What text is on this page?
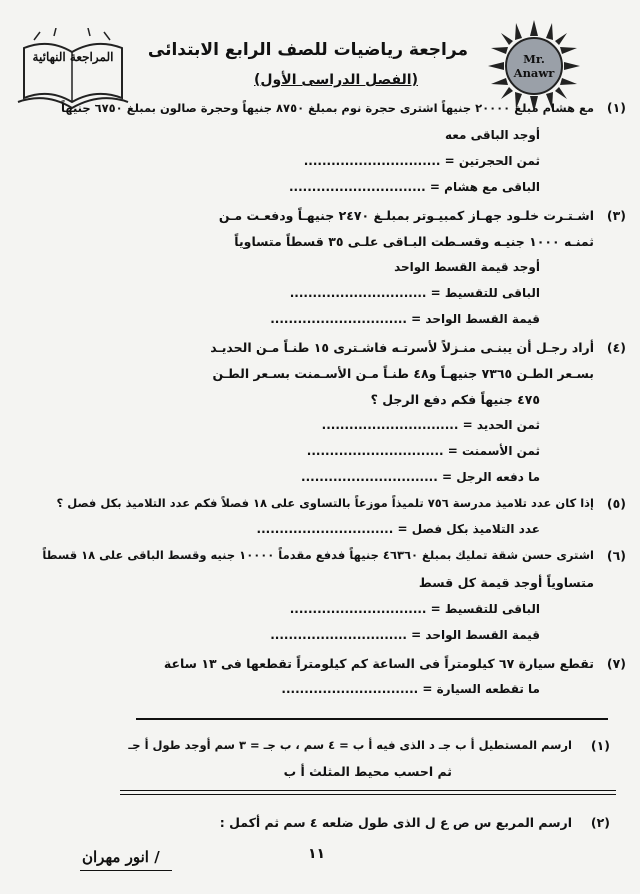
المراجعة النهائية	Mr.
Anawr
مراجعة رياضيات للصف الرابع الابتدائى
(الفصل الدراسى الأول)
(١)
مع هشام مبلغ ٢٠٠٠٠ جنيهاً اشترى حجرة نوم بمبلغ ٨٧٥٠ جنيهاً وحجرة صالون بمبلغ ٦٧٥٠ جنيهاً
أوجد الباقى معه
ثمن الحجرتين = ..............................
الباقى مع هشام = ..............................
(٣)
اشـتـرت خلـود جهـاز كمبيـوتر بمبلـغ ٢٤٧٠ جنيهـاً ودفعـت مـن
ثمنـه ١٠٠٠ جنيـه وقسـطت البـاقى علـى ٣٥ قسطاً متساوياً
أوجد قيمة القسط الواحد
الباقى للتقسيط = ..............................
قيمة القسط الواحد = ..............................
(٤)
أراد رجـل أن يبنـى منـزلاً لأسرتـه فاشـترى ١٥ طنـاً مـن الحديـد
بسـعر الطـن ٧٣٦٥ جنيهـاً و٤٨ طنـاً مـن الأسـمنت بسـعر الطـن
٤٧٥ جنيهاً فكم دفع الرجل ؟
ثمن الحديد = ..............................
ثمن الأسمنت = ..............................
ما دفعه الرجل = ..............................
(٥)
إذا كان عدد تلاميذ مدرسة ٧٥٦ تلميذاً موزعاً بالتساوى على ١٨ فصلاً فكم عدد التلاميذ بكل فصل ؟
عدد التلاميذ بكل فصل = ..............................
(٦)
اشترى حسن شقة تمليك بمبلغ ٤٦٣٦٠ جنيهاً فدفع مقدماً ١٠٠٠٠ جنيه وقسط الباقى على ١٨ قسطاً
متساوياً أوجد قيمة كل قسط
الباقى للتقسيط = ..............................
قيمة القسط الواحد = ..............................
(٧)
تقطع سيارة ٦٧ كيلومتراً فى الساعة كم كيلومتراً تقطعها فى ١٣ ساعة
ما تقطعه السيارة = ..............................
(١)
ارسم المستطيل أ ب جـ د الذى فيه أ ب = ٤ سم ، ب جـ = ٣ سم أوجد طول أ جـ
ثم احسب محيط المثلث أ ب
(٢)
ارسم المربع س ص ع ل الذى طول ضلعه ٤ سم ثم أكمل :
١١
/ انور مهران
